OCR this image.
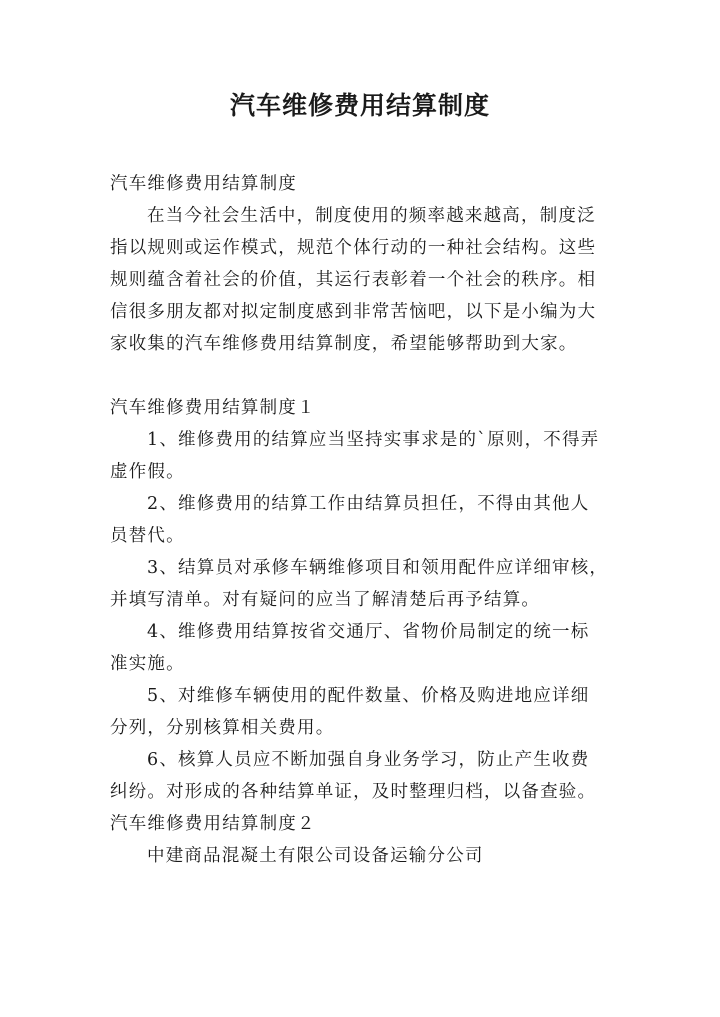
汽车维修费用结算制度
汽车维修费用结算制度
在当今社会生活中，制度使用的频率越来越高，制度泛
指以规则或运作模式，规范个体行动的一种社会结构。这些
规则蕴含着社会的价值，其运行表彰着一个社会的秩序。相
信很多朋友都对拟定制度感到非常苦恼吧，以下是小编为大
家收集的汽车维修费用结算制度，希望能够帮助到大家。
汽车维修费用结算制度１
1、维修费用的结算应当坚持实事求是的`原则，不得弄
虚作假。
2、维修费用的结算工作由结算员担任，不得由其他人
员替代。
3、结算员对承修车辆维修项目和领用配件应详细审核，
并填写清单。对有疑问的应当了解清楚后再予结算。
4、维修费用结算按省交通厅、省物价局制定的统一标
准实施。
5、对维修车辆使用的配件数量、价格及购进地应详细
分列，分别核算相关费用。
6、核算人员应不断加强自身业务学习，防止产生收费
纠纷。对形成的各种结算单证，及时整理归档，以备查验。
汽车维修费用结算制度２
中建商品混凝土有限公司设备运输分公司
